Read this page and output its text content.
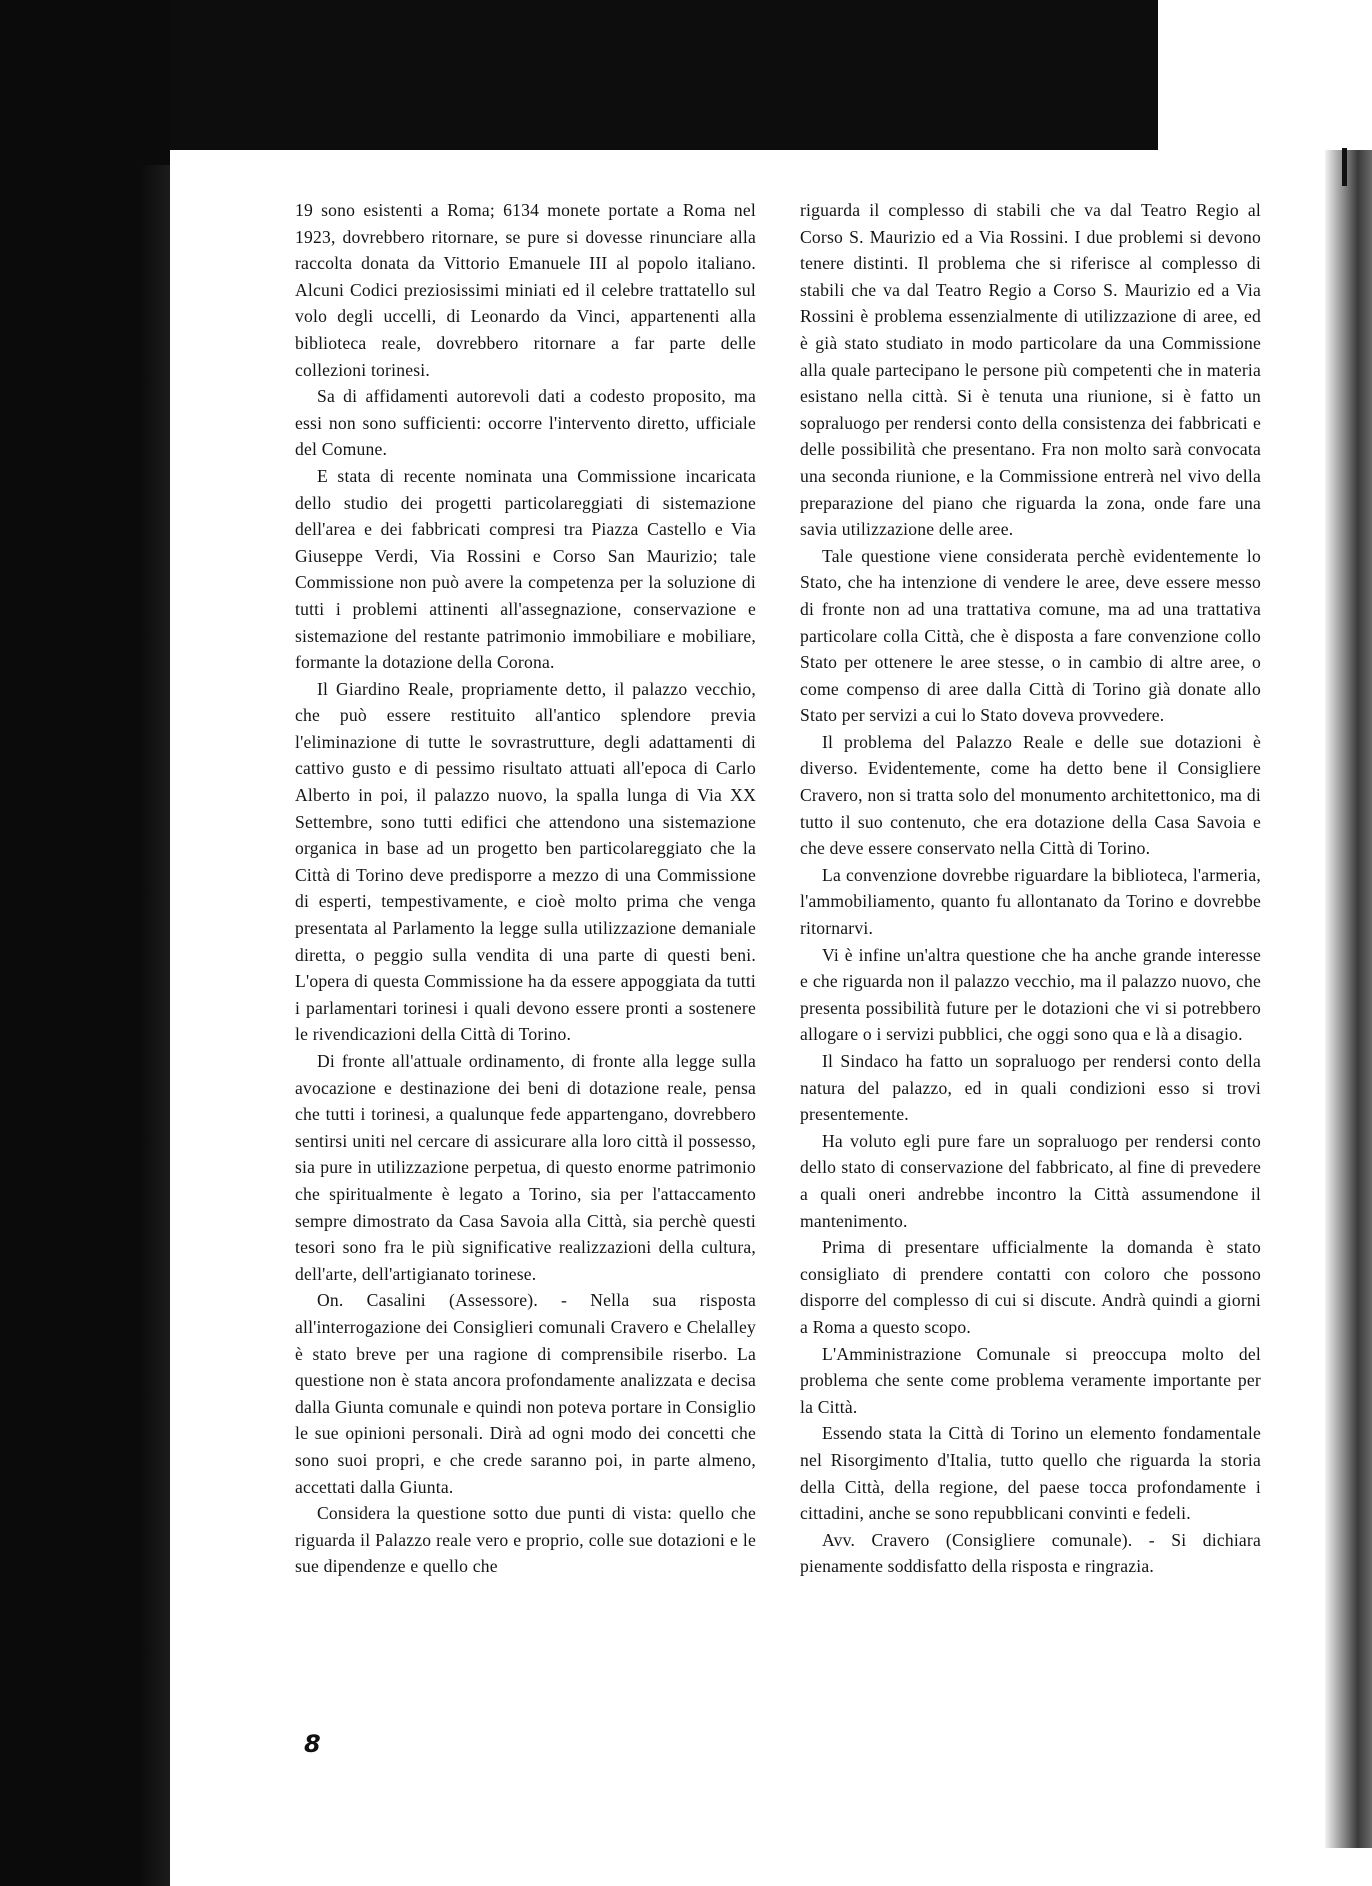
19 sono esistenti a Roma; 6134 monete portate a Roma nel 1923, dovrebbero ritornare, se pure si dovesse rinunciare alla raccolta donata da Vittorio Emanuele III al popolo italiano. Alcuni Codici preziosissimi miniati ed il celebre trattatello sul volo degli uccelli, di Leonardo da Vinci, appartenenti alla biblioteca reale, dovrebbero ritornare a far parte delle collezioni torinesi.

Sa di affidamenti autorevoli dati a codesto proposito, ma essi non sono sufficienti: occorre l'intervento diretto, ufficiale del Comune.

E stata di recente nominata una Commissione incaricata dello studio dei progetti particolareggiati di sistemazione dell'area e dei fabbricati compresi tra Piazza Castello e Via Giuseppe Verdi, Via Rossini e Corso San Maurizio; tale Commissione non può avere la competenza per la soluzione di tutti i problemi attinenti all'assegnazione, conservazione e sistemazione del restante patrimonio immobiliare e mobiliare, formante la dotazione della Corona.

Il Giardino Reale, propriamente detto, il palazzo vecchio, che può essere restituito all'antico splendore previa l'eliminazione di tutte le sovrastrutture, degli adattamenti di cattivo gusto e di pessimo risultato attuati all'epoca di Carlo Alberto in poi, il palazzo nuovo, la spalla lunga di Via XX Settembre, sono tutti edifici che attendono una sistemazione organica in base ad un progetto ben particolareggiato che la Città di Torino deve predisporre a mezzo di una Commissione di esperti, tempestivamente, e cioè molto prima che venga presentata al Parlamento la legge sulla utilizzazione demaniale diretta, o peggio sulla vendita di una parte di questi beni. L'opera di questa Commissione ha da essere appoggiata da tutti i parlamentari torinesi i quali devono essere pronti a sostenere le rivendicazioni della Città di Torino.

Di fronte all'attuale ordinamento, di fronte alla legge sulla avocazione e destinazione dei beni di dotazione reale, pensa che tutti i torinesi, a qualunque fede appartengano, dovrebbero sentirsi uniti nel cercare di assicurare alla loro città il possesso, sia pure in utilizzazione perpetua, di questo enorme patrimonio che spiritualmente è legato a Torino, sia per l'attaccamento sempre dimostrato da Casa Savoia alla Città, sia perchè questi tesori sono fra le più significative realizzazioni della cultura, dell'arte, dell'artigianato torinese.

On. Casalini (Assessore). - Nella sua risposta all'interrogazione dei Consiglieri comunali Cravero e Chelalley è stato breve per una ragione di comprensibile riserbo. La questione non è stata ancora profondamente analizzata e decisa dalla Giunta comunale e quindi non poteva portare in Consiglio le sue opinioni personali. Dirà ad ogni modo dei concetti che sono suoi propri, e che crede saranno poi, in parte almeno, accettati dalla Giunta.

Considera la questione sotto due punti di vista: quello che riguarda il Palazzo reale vero e proprio, colle sue dotazioni e le sue dipendenze e quello che

riguarda il complesso di stabili che va dal Teatro Regio al Corso S. Maurizio ed a Via Rossini. I due problemi si devono tenere distinti. Il problema che si riferisce al complesso di stabili che va dal Teatro Regio a Corso S. Maurizio ed a Via Rossini è problema essenzialmente di utilizzazione di aree, ed è già stato studiato in modo particolare da una Commissione alla quale partecipano le persone più competenti che in materia esistano nella città. Si è tenuta una riunione, si è fatto un sopraluogo per rendersi conto della consistenza dei fabbricati e delle possibilità che presentano. Fra non molto sarà convocata una seconda riunione, e la Commissione entrerà nel vivo della preparazione del piano che riguarda la zona, onde fare una savia utilizzazione delle aree.

Tale questione viene considerata perchè evidentemente lo Stato, che ha intenzione di vendere le aree, deve essere messo di fronte non ad una trattativa comune, ma ad una trattativa particolare colla Città, che è disposta a fare convenzione collo Stato per ottenere le aree stesse, o in cambio di altre aree, o come compenso di aree dalla Città di Torino già donate allo Stato per servizi a cui lo Stato doveva provvedere.

Il problema del Palazzo Reale e delle sue dotazioni è diverso. Evidentemente, come ha detto bene il Consigliere Cravero, non si tratta solo del monumento architettonico, ma di tutto il suo contenuto, che era dotazione della Casa Savoia e che deve essere conservato nella Città di Torino.

La convenzione dovrebbe riguardare la biblioteca, l'armeria, l'ammobiliamento, quanto fu allontanato da Torino e dovrebbe ritornarvi.

Vi è infine un'altra questione che ha anche grande interesse e che riguarda non il palazzo vecchio, ma il palazzo nuovo, che presenta possibilità future per le dotazioni che vi si potrebbero allogare o i servizi pubblici, che oggi sono qua e là a disagio.

Il Sindaco ha fatto un sopraluogo per rendersi conto della natura del palazzo, ed in quali condizioni esso si trovi presentemente.

Ha voluto egli pure fare un sopraluogo per rendersi conto dello stato di conservazione del fabbricato, al fine di prevedere a quali oneri andrebbe incontro la Città assumendone il mantenimento.

Prima di presentare ufficialmente la domanda è stato consigliato di prendere contatti con coloro che possono disporre del complesso di cui si discute. Andrà quindi a giorni a Roma a questo scopo.

L'Amministrazione Comunale si preoccupa molto del problema che sente come problema veramente importante per la Città.

Essendo stata la Città di Torino un elemento fondamentale nel Risorgimento d'Italia, tutto quello che riguarda la storia della Città, della regione, del paese tocca profondamente i cittadini, anche se sono repubblicani convinti e fedeli.

Avv. Cravero (Consigliere comunale). - Si dichiara pienamente soddisfatto della risposta e ringrazia.

8
